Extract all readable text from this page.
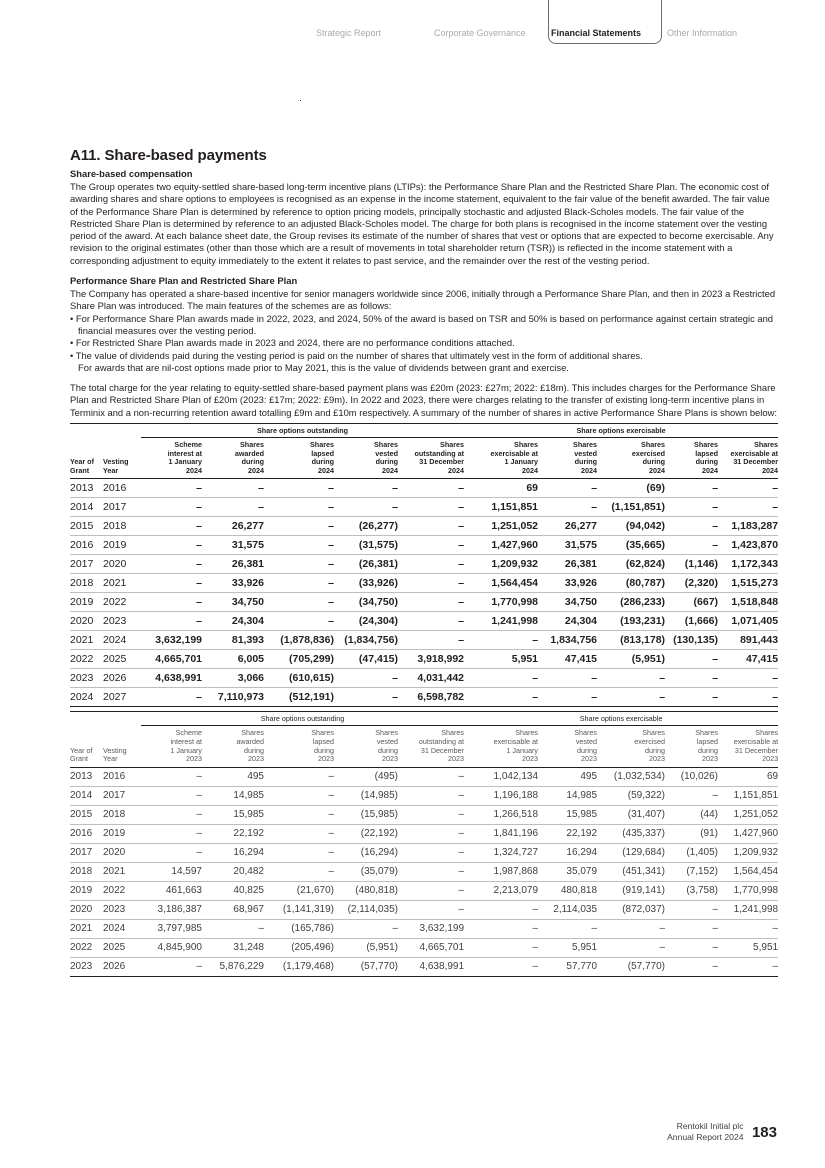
Strategic Report	Corporate Governance	Financial Statements	Other Information
A11. Share-based payments
Share-based compensation

The Group operates two equity-settled share-based long-term incentive plans (LTIPs): the Performance Share Plan and the Restricted Share Plan. The economic cost of awarding shares and share options to employees is recognised as an expense in the income statement, equivalent to the fair value of the benefit awarded. The fair value of the Performance Share Plan is determined by reference to option pricing models, principally stochastic and adjusted Black-Scholes models. The fair value of the Restricted Share Plan is determined by reference to an adjusted Black-Scholes model. The charge for both plans is recognised in the income statement over the vesting period of the award. At each balance sheet date, the Group revises its estimate of the number of shares that vest or options that are expected to become exercisable. Any revision to the original estimates (other than those which are a result of movements in total shareholder return (TSR)) is reflected in the income statement with a corresponding adjustment to equity immediately to the extent it relates to past service, and the remainder over the rest of the vesting period.

Performance Share Plan and Restricted Share Plan

The Company has operated a share-based incentive for senior managers worldwide since 2006, initially through a Performance Share Plan, and then in 2023 a Restricted Share Plan was introduced. The main features of the schemes are as follows:

• For Performance Share Plan awards made in 2022, 2023, and 2024, 50% of the award is based on TSR and 50% is based on performance against certain strategic and financial measures over the vesting period.
• For Restricted Share Plan awards made in 2023 and 2024, there are no performance conditions attached.
• The value of dividends paid during the vesting period is paid on the number of shares that ultimately vest in the form of additional shares.
For awards that are nil-cost options made prior to May 2021, this is the value of dividends between grant and exercise.

The total charge for the year relating to equity-settled share-based payment plans was £20m (2023: £27m; 2022: £18m). This includes charges for the Performance Share Plan and Restricted Share Plan of £20m (2023: £17m; 2022: £9m). In 2022 and 2023, there were charges relating to the transfer of existing long-term incentive plans in Terminix and a non-recurring retention award totalling £9m and £10m respectively. A summary of the number of shares in active Performance Share Plans is shown below:

		Share options outstanding					Share options exercisable				
Year of
Grant	Vesting
Year	Scheme
interest at
1 January
2024	Shares
awarded
during
2024	Shares
lapsed
during
2024	Shares
vested
during
2024	Shares
outstanding at
31 December
2024	Shares
exercisable at
1 January
2024	Shares
vested
during
2024	Shares
exercised
during
2024	Shares
lapsed
during
2024	Shares
exercisable at
31 December
2024
2013	2016	–	–	–	–	–	69	–	(69)	–	–
2014	2017	–	–	–	–	–	1,151,851	–	(1,151,851)	–	–
2015	2018	–	26,277	–	(26,277)	–	1,251,052	26,277	(94,042)	–	1,183,287
2016	2019	–	31,575	–	(31,575)	–	1,427,960	31,575	(35,665)	–	1,423,870
2017	2020	–	26,381	–	(26,381)	–	1,209,932	26,381	(62,824)	(1,146)	1,172,343
2018	2021	–	33,926	–	(33,926)	–	1,564,454	33,926	(80,787)	(2,320)	1,515,273
2019	2022	–	34,750	–	(34,750)	–	1,770,998	34,750	(286,233)	(667)	1,518,848
2020	2023	–	24,304	–	(24,304)	–	1,241,998	24,304	(193,231)	(1,666)	1,071,405
2021	2024	3,632,199	81,393	(1,878,836)	(1,834,756)	–	–	1,834,756	(813,178)	(130,135)	891,443
2022	2025	4,665,701	6,005	(705,299)	(47,415)	3,918,992	5,951	47,415	(5,951)	–	47,415
2023	2026	4,638,991	3,066	(610,615)	–	4,031,442	–	–	–	–	–
2024	2027	–	7,110,973	(512,191)	–	6,598,782	–	–	–	–	–
		Share options outstanding					Share options exercisable				
Year of
Grant	Vesting
Year	Scheme
interest at
1 January
2023	Shares
awarded
during
2023	Shares
lapsed
during
2023	Shares
vested
during
2023	Shares
outstanding at
31 December
2023	Shares
exercisable at
1 January
2023	Shares
vested
during
2023	Shares
exercised
during
2023	Shares
lapsed
during
2023	Shares
exercisable at
31 December
2023
2013	2016	–	495	–	(495)	–	1,042,134	495	(1,032,534)	(10,026)	69
2014	2017	–	14,985	–	(14,985)	–	1,196,188	14,985	(59,322)	–	1,151,851
2015	2018	–	15,985	–	(15,985)	–	1,266,518	15,985	(31,407)	(44)	1,251,052
2016	2019	–	22,192	–	(22,192)	–	1,841,196	22,192	(435,337)	(91)	1,427,960
2017	2020	–	16,294	–	(16,294)	–	1,324,727	16,294	(129,684)	(1,405)	1,209,932
2018	2021	14,597	20,482	–	(35,079)	–	1,987,868	35,079	(451,341)	(7,152)	1,564,454
2019	2022	461,663	40,825	(21,670)	(480,818)	–	2,213,079	480,818	(919,141)	(3,758)	1,770,998
2020	2023	3,186,387	68,967	(1,141,319)	(2,114,035)	–	–	2,114,035	(872,037)	–	1,241,998
2021	2024	3,797,985	–	(165,786)	–	3,632,199	–	–	–	–	–
2022	2025	4,845,900	31,248	(205,496)	(5,951)	4,665,701	–	5,951	–	–	5,951
2023	2026	–	5,876,229	(1,179,468)	(57,770)	4,638,991	–	57,770	(57,770)	–	–
Rentokil Initial plc
Annual Report 2024 183
